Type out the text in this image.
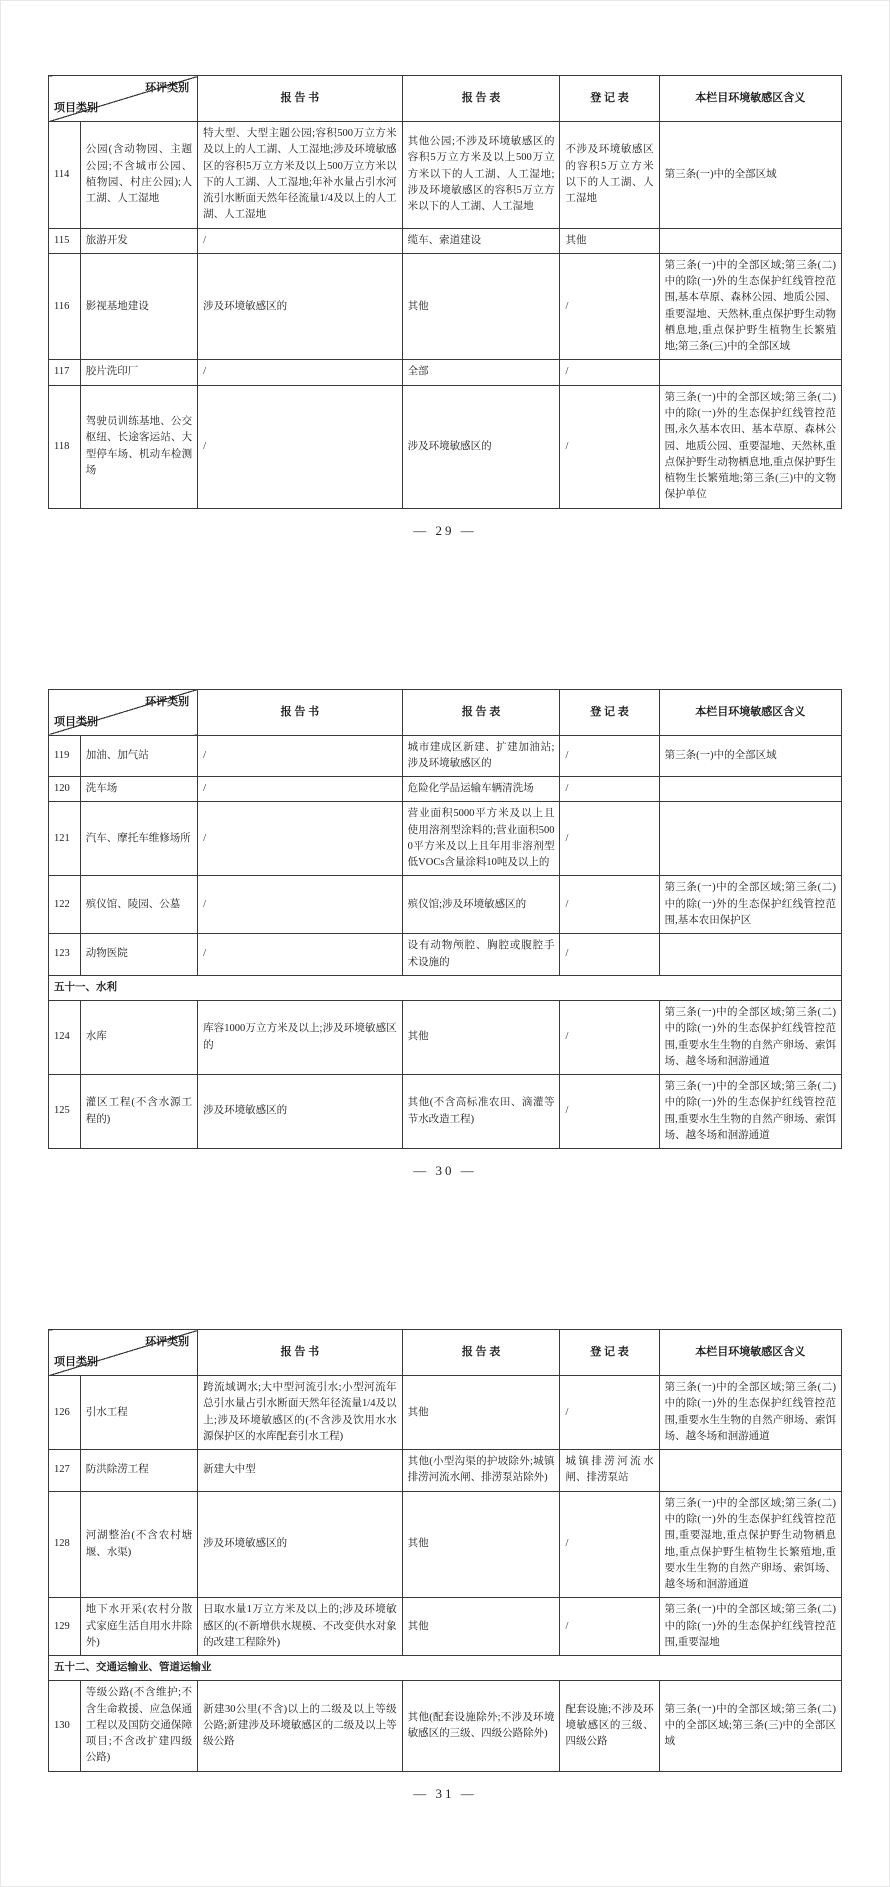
环评类别
项目类别		报 告 书	报 告 表	登 记 表	本栏目环境敏感区含义
114	公园(含动物园、主题公园;不含城市公园、植物园、村庄公园);人工湖、人工湿地	特大型、大型主题公园;容积500万立方米及以上的人工湖、人工湿地;涉及环境敏感区的容积5万立方米及以上500万立方米以下的人工湖、人工湿地;年补水量占引水河流引水断面天然年径流量1/4及以上的人工湖、人工湿地	其他公园;不涉及环境敏感区的容积5万立方米及以上500万立方米以下的人工湖、人工湿地;涉及环境敏感区的容积5万立方米以下的人工湖、人工湿地	不涉及环境敏感区的容积5万立方米以下的人工湖、人工湿地	第三条(一)中的全部区域
115	旅游开发	/	缆车、索道建设	其他	
116	影视基地建设	涉及环境敏感区的	其他	/	第三条(一)中的全部区域;第三条(二)中的除(一)外的生态保护红线管控范围,基本草原、森林公园、地质公园、重要湿地、天然林,重点保护野生动物栖息地,重点保护野生植物生长繁殖地;第三条(三)中的全部区域
117	胶片洗印厂	/	全部	/	
118	驾驶员训练基地、公交枢纽、长途客运站、大型停车场、机动车检测场	/	涉及环境敏感区的	/	第三条(一)中的全部区域;第三条(二)中的除(一)外的生态保护红线管控范围,永久基本农田、基本草原、森林公园、地质公园、重要湿地、天然林,重点保护野生动物栖息地,重点保护野生植物生长繁殖地;第三条(三)中的文物保护单位
— 29 —
环评类别
项目类别		报 告 书	报 告 表	登 记 表	本栏目环境敏感区含义
119	加油、加气站	/	城市建成区新建、扩建加油站;涉及环境敏感区的	/	第三条(一)中的全部区域
120	洗车场	/	危险化学品运输车辆清洗场	/	
121	汽车、摩托车维修场所	/	营业面积5000平方米及以上且使用溶剂型涂料的;营业面积5000平方米及以上且年用非溶剂型低VOCs含量涂料10吨及以上的	/	
122	殡仪馆、陵园、公墓	/	殡仪馆;涉及环境敏感区的	/	第三条(一)中的全部区域;第三条(二)中的除(一)外的生态保护红线管控范围,基本农田保护区
123	动物医院	/	设有动物颅腔、胸腔或腹腔手术设施的	/	
五十一、水利					
124	水库	库容1000万立方米及以上;涉及环境敏感区的	其他	/	第三条(一)中的全部区域;第三条(二)中的除(一)外的生态保护红线管控范围,重要水生生物的自然产卵场、索饵场、越冬场和洄游通道
125	灌区工程(不含水源工程的)	涉及环境敏感区的	其他(不含高标准农田、滴灌等节水改造工程)	/	第三条(一)中的全部区域;第三条(二)中的除(一)外的生态保护红线管控范围,重要水生生物的自然产卵场、索饵场、越冬场和洄游通道
— 30 —
环评类别
项目类别		报 告 书	报 告 表	登 记 表	本栏目环境敏感区含义
126	引水工程	跨流域调水;大中型河流引水;小型河流年总引水量占引水断面天然年径流量1/4及以上;涉及环境敏感区的(不含涉及饮用水水源保护区的水库配套引水工程)	其他	/	第三条(一)中的全部区域;第三条(二)中的除(一)外的生态保护红线管控范围,重要水生生物的自然产卵场、索饵场、越冬场和洄游通道
127	防洪除涝工程	新建大中型	其他(小型沟渠的护坡除外;城镇排涝河流水闸、排涝泵站除外)	城镇排涝河流水闸、排涝泵站	
128	河湖整治(不含农村塘堰、水渠)	涉及环境敏感区的	其他	/	第三条(一)中的全部区域;第三条(二)中的除(一)外的生态保护红线管控范围,重要湿地,重点保护野生动物栖息地,重点保护野生植物生长繁殖地,重要水生生物的自然产卵场、索饵场、越冬场和洄游通道
129	地下水开采(农村分散式家庭生活自用水井除外)	日取水量1万立方米及以上的;涉及环境敏感区的(不新增供水规模、不改变供水对象的改建工程除外)	其他	/	第三条(一)中的全部区域;第三条(二)中的除(一)外的生态保护红线管控范围,重要湿地
五十二、交通运输业、管道运输业					
130	等级公路(不含维护;不含生命救援、应急保通工程以及国防交通保障项目;不含改扩建四级公路)	新建30公里(不含)以上的二级及以上等级公路;新建涉及环境敏感区的二级及以上等级公路	其他(配套设施除外;不涉及环境敏感区的三级、四级公路除外)	配套设施;不涉及环境敏感区的三级、四级公路	第三条(一)中的全部区域;第三条(二)中的全部区域;第三条(三)中的全部区域
— 31 —
